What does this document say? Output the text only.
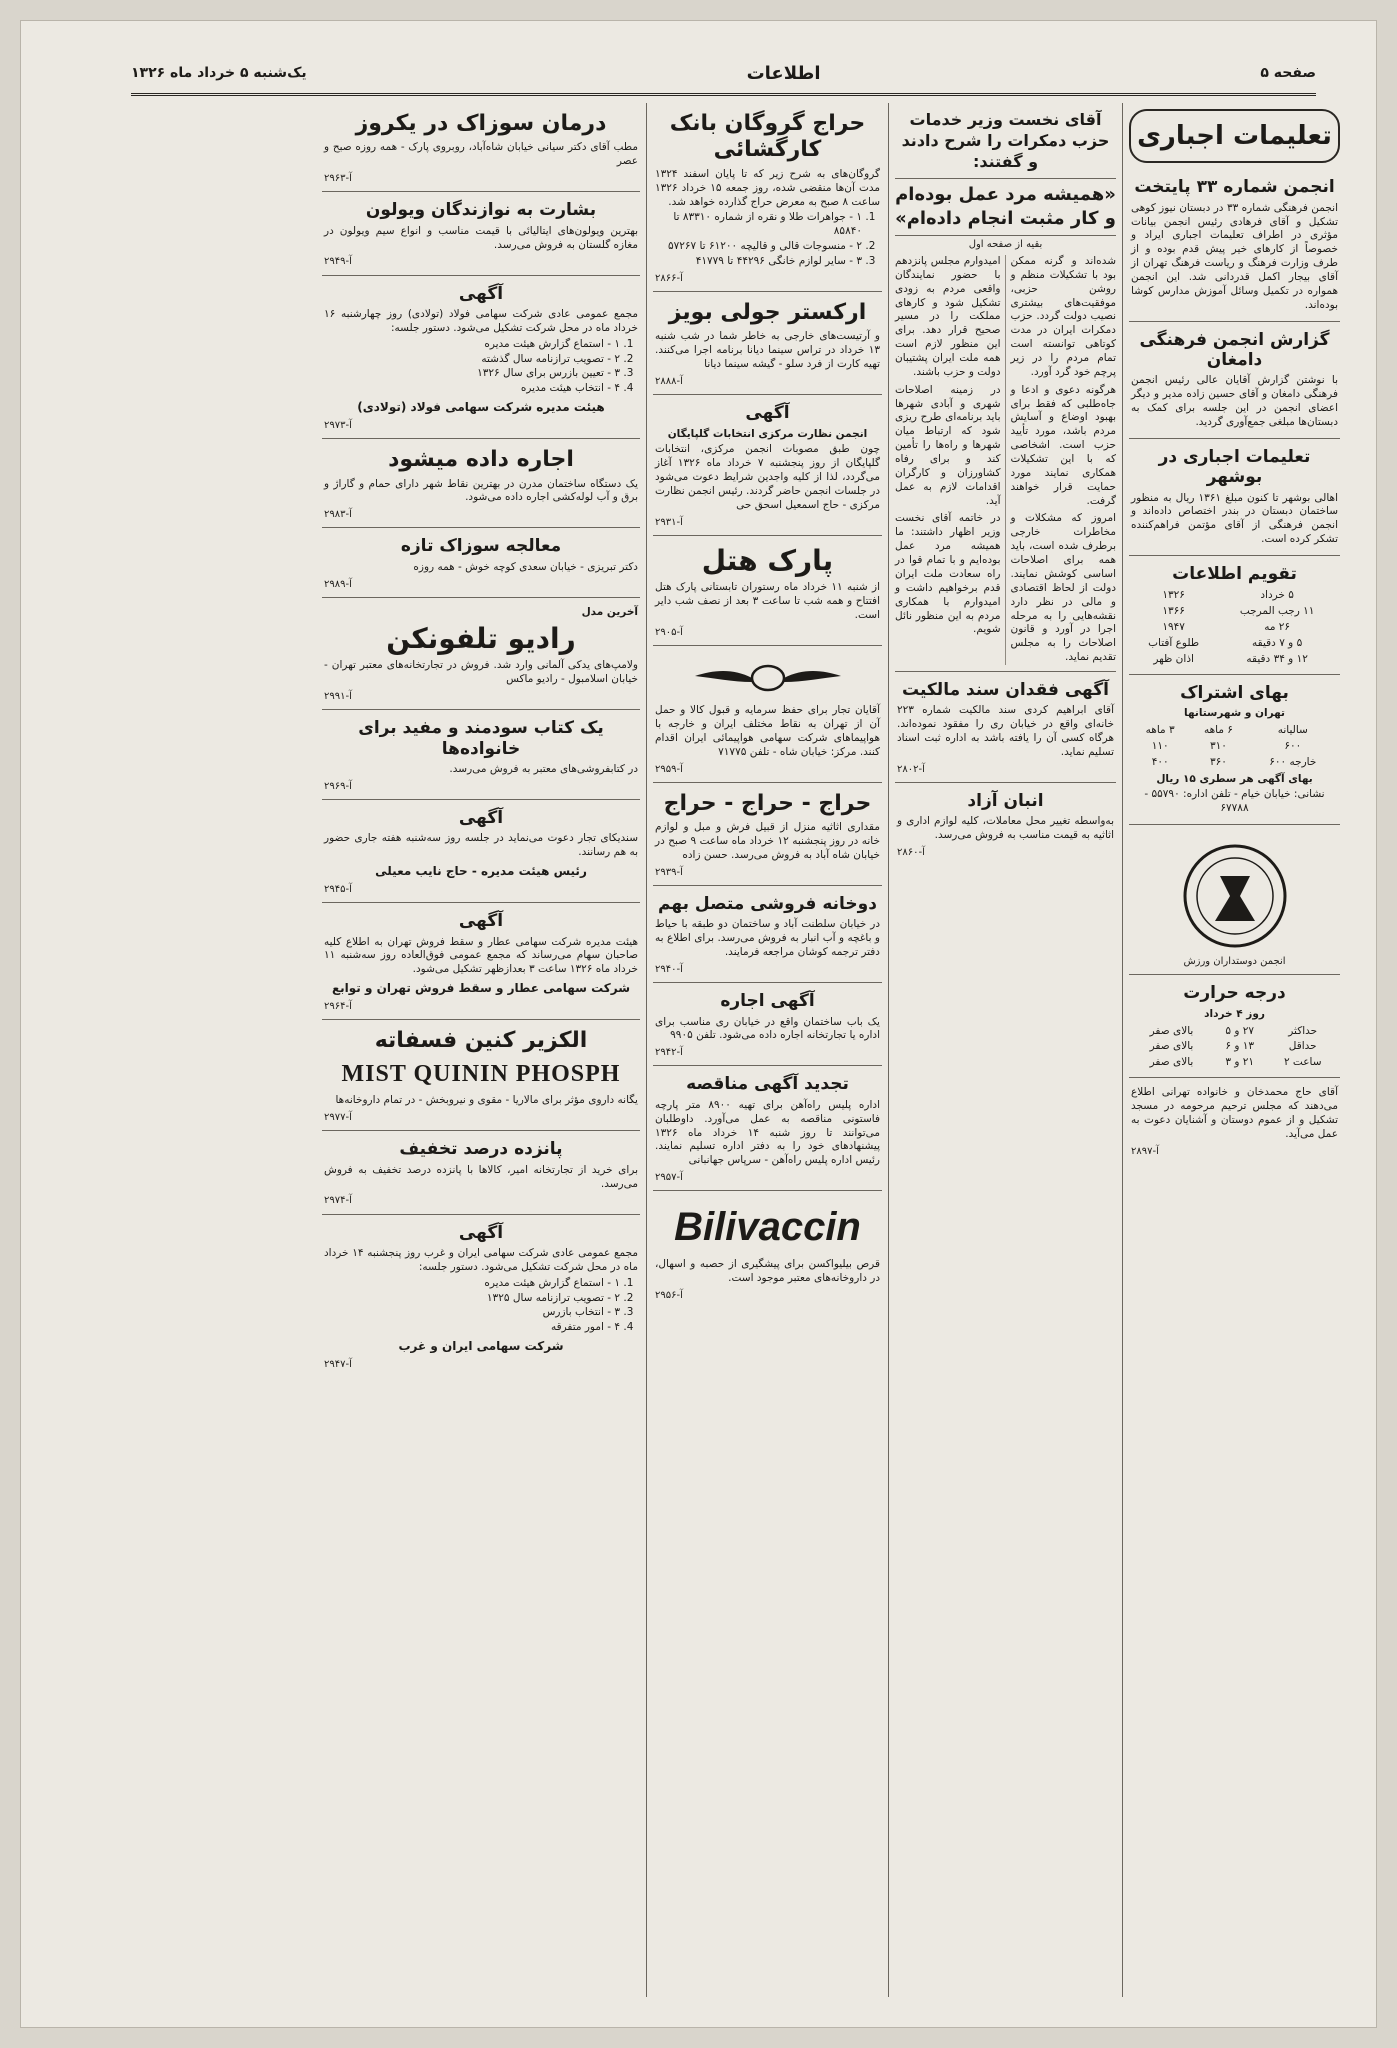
صفحه ۵
اطلاعات
یک‌شنبه ۵ خرداد ماه ۱۳۲۶
تعلیمات اجباری
انجمن شماره ۳۳ پایتخت

انجمن فرهنگی شماره ۳۳ در دبستان نیوز کوهی تشکیل و آقای فرهادی رئیس انجمن بیانات مؤثری در اطراف تعلیمات اجباری ایراد و خصوصاً از کارهای خیر پیش قدم بوده و از طرف وزارت فرهنگ و ریاست فرهنگ تهران از آقای بیجار اکمل قدردانی شد. این انجمن همواره در تکمیل وسائل آموزش مدارس کوشا بوده‌اند.

گزارش انجمن فرهنگی دامغان

با نوشتن گزارش آقایان عالی رئیس انجمن فرهنگی دامغان و آقای حسین زاده مدیر و دیگر اعضای انجمن در این جلسه برای کمک به دبستان‌ها مبلغی جمع‌آوری گردید.

تعلیمات اجباری در بوشهر

اهالی بوشهر تا کنون مبلغ ۱۳۶۱ ریال به منظور ساختمان دبستان در بندر اختصاص داده‌اند و انجمن فرهنگی از آقای مؤتمن فراهم‌کننده تشکر کرده است.

تقویم اطلاعات
۵ خرداد	۱۳۲۶
۱۱ رجب المرجب	۱۳۶۶
۲۶ مه	۱۹۴۷
۵ و ۷ دقیقه	طلوع آفتاب
۱۲ و ۳۴ دقیقه	اذان ظهر
بهای اشتراک

تهران و شهرستانها

سالیانه	۶ ماهه	۳ ماهه
۶۰۰	۳۱۰	۱۱۰
خارجه ۶۰۰	۳۶۰	۴۰۰

بهای آگهی هر سطری ۱۵ ریال

نشانی: خیابان خیام - تلفن اداره: ۵۵۷۹۰ - ۶۷۷۸۸

انجمن دوستداران ورزش
درجه حرارت

روز ۴ خرداد

حداکثر	۲۷ و ۵	بالای صفر
حداقل	۱۳ و ۶	بالای صفر
ساعت ۲	۲۱ و ۳	بالای صفر

آقای حاج محمدخان و خانواده تهرانی اطلاع می‌دهند که مجلس ترحیم مرحومه در مسجد تشکیل و از عموم دوستان و آشنایان دعوت به عمل می‌آید.

آ-۲۸۹۷
آقای نخست وزیر خدمات حزب دمکرات را شرح دادند و گفتند:
«همیشه مرد عمل بوده‌ام و کار مثبت انجام داده‌ام»
بقیه از صفحه اول

شده‌اند و گرنه ممکن بود با تشکیلات منظم و روشن حزبی، موفقیت‌های بیشتری نصیب دولت گردد. حزب دمکرات ایران در مدت کوتاهی توانسته است تمام مردم را در زیر پرچم خود گرد آورد.

هرگونه دعوی و ادعا و جاه‌طلبی که فقط برای بهبود اوضاع و آسایش مردم باشد، مورد تأیید حزب است. اشخاصی که با این تشکیلات همکاری نمایند مورد حمایت قرار خواهند گرفت.

امروز که مشکلات و مخاطرات خارجی برطرف شده است، باید همه برای اصلاحات اساسی کوشش نمایند. دولت از لحاظ اقتصادی و مالی در نظر دارد نقشه‌هایی را به مرحله اجرا در آورد و قانون اصلاحات را به مجلس تقدیم نماید.

امیدوارم مجلس پانزدهم با حضور نمایندگان واقعی مردم به زودی تشکیل شود و کارهای مملکت را در مسیر صحیح قرار دهد. برای این منظور لازم است همه ملت ایران پشتیبان دولت و حزب باشند.

در زمینه اصلاحات شهری و آبادی شهرها باید برنامه‌ای طرح ریزی شود که ارتباط میان شهرها و راه‌ها را تأمین کند و برای رفاه کشاورزان و کارگران اقدامات لازم به عمل آید.

در خاتمه آقای نخست وزیر اظهار داشتند: ما همیشه مرد عمل بوده‌ایم و با تمام قوا در راه سعادت ملت ایران قدم برخواهیم داشت و امیدوارم با همکاری مردم به این منظور نائل شویم.

آگهی فقدان سند مالکیت

آقای ابراهیم کردی سند مالکیت شماره ۲۲۳ خانه‌ای واقع در خیابان ری را مفقود نموده‌اند. هرگاه کسی آن را یافته باشد به اداره ثبت اسناد تسلیم نماید.

آ-۲۸۰۲
انبان آزاد

به‌واسطه تغییر محل معاملات، کلیه لوازم اداری و اثاثیه به قیمت مناسب به فروش می‌رسد.

آ-۲۸۶۰
حراج گروگان بانک کارگشائی

گروگان‌های به شرح زیر که تا پایان اسفند ۱۳۲۴ مدت آن‌ها منقضی شده، روز جمعه ۱۵ خرداد ۱۳۲۶ ساعت ۸ صبح به معرض حراج گذارده خواهد شد.

1. ۱ - جواهرات طلا و نقره از شماره ۸۳۳۱۰ تا ۸۵۸۴۰
2. ۲ - منسوجات قالی و قالیچه ۶۱۲۰۰ تا ۵۷۲۶۷
3. ۳ - سایر لوازم خانگی ۴۴۲۹۶ تا ۴۱۷۷۹
آ-۲۸۶۶
ارکستر جولی بویز

و آرتیست‌های خارجی به خاطر شما در شب شنبه ۱۳ خرداد در تراس سینما دیانا برنامه اجرا می‌کنند. تهیه کارت از فرد سلو - گیشه سینما دیانا

آ-۲۸۸۸
آگهی

انجمن نظارت مرکزی انتخابات گلپایگان

چون طبق مصوبات انجمن مرکزی، انتخابات گلپایگان از روز پنجشنبه ۷ خرداد ماه ۱۳۲۶ آغاز می‌گردد، لذا از کلیه واجدین شرایط دعوت می‌شود در جلسات انجمن حاضر گردند. رئیس انجمن نظارت مرکزی - حاج اسمعیل اسحق حی

آ-۲۹۳۱
پارک هتل

از شنبه ۱۱ خرداد ماه رستوران تابستانی پارک هتل افتتاح و همه شب تا ساعت ۳ بعد از نصف شب دایر است.

آ-۲۹۰۵

آقایان تجار برای حفظ سرمایه و قبول کالا و حمل آن از تهران به نقاط مختلف ایران و خارجه با هواپیماهای شرکت سهامی هواپیمائی ایران اقدام کنند. مرکز: خیابان شاه - تلفن ۷۱۷۷۵

آ-۲۹۵۹
حراج - حراج - حراج

مقداری اثاثیه منزل از قبیل فرش و مبل و لوازم خانه در روز پنجشنبه ۱۲ خرداد ماه ساعت ۹ صبح در خیابان شاه آباد به فروش می‌رسد. حسن زاده

آ-۲۹۳۹
دوخانه فروشی متصل بهم

در خیابان سلطنت آباد و ساختمان دو طبقه با حیاط و باغچه و آب انبار به فروش می‌رسد. برای اطلاع به دفتر ترجمه کوشان مراجعه فرمایند.

آ-۲۹۴۰
آگهی اجاره

یک باب ساختمان واقع در خیابان ری مناسب برای اداره یا تجارتخانه اجاره داده می‌شود. تلفن ۹۹۰۵

آ-۲۹۴۲
تجدید آگهی مناقصه

اداره پلیس راه‌آهن برای تهیه ۸۹۰۰ متر پارچه فاستونی مناقصه به عمل می‌آورد. داوطلبان می‌توانند تا روز شنبه ۱۴ خرداد ماه ۱۳۲۶ پیشنهادهای خود را به دفتر اداره تسلیم نمایند. رئیس اداره پلیس راه‌آهن - سرپاس جهانبانی

آ-۲۹۵۷
Bilivaccin

قرص بیلیواکسن برای پیشگیری از حصبه و اسهال، در داروخانه‌های معتبر موجود است.

آ-۲۹۵۶
درمان سوزاک در یکروز

مطب آقای دکتر سیانی خیابان شاه‌آباد، روبروی پارک - همه روزه صبح و عصر

آ-۲۹۶۳
بشارت به نوازندگان ویولون

بهترین ویولون‌های ایتالیائی با قیمت مناسب و انواع سیم ویولون در مغازه گلستان به فروش می‌رسد.

آ-۲۹۴۹
آگهی

مجمع عمومی عادی شرکت سهامی فولاد (تولادی) روز چهارشنبه ۱۶ خرداد ماه در محل شرکت تشکیل می‌شود. دستور جلسه:

1. ۱ - استماع گزارش هیئت مدیره
2. ۲ - تصویب ترازنامه سال گذشته
3. ۳ - تعیین بازرس برای سال ۱۳۲۶
4. ۴ - انتخاب هیئت مدیره
هیئت مدیره شرکت سهامی فولاد (تولادی)
آ-۲۹۷۳
اجاره داده میشود

یک دستگاه ساختمان مدرن در بهترین نقاط شهر دارای حمام و گاراژ و برق و آب لوله‌کشی اجاره داده می‌شود.

آ-۲۹۸۳
معالجه سوزاک تازه

دکتر تبریزی - خیابان سعدی کوچه خوش - همه روزه

آ-۲۹۸۹

آخرین مدل

رادیو تلفونکن

ولامپ‌های یدکی آلمانی وارد شد. فروش در تجارتخانه‌های معتبر تهران - خیابان اسلامبول - رادیو ماکس

آ-۲۹۹۱
یک کتاب سودمند و مفید برای خانواده‌ها

در کتابفروشی‌های معتبر به فروش می‌رسد.

آ-۲۹۶۹
آگهی

سندیکای تجار دعوت می‌نماید در جلسه روز سه‌شنبه هفته جاری حضور به هم رسانند.

رئیس هیئت مدیره - حاج نایب معیلی
آ-۲۹۴۵
آگهی

هیئت مدیره شرکت سهامی عطار و سقط فروش تهران به اطلاع کلیه صاحبان سهام می‌رساند که مجمع عمومی فوق‌العاده روز سه‌شنبه ۱۱ خرداد ماه ۱۳۲۶ ساعت ۳ بعدازظهر تشکیل می‌شود.

شرکت سهامی عطار و سقط فروش تهران و توابع
آ-۲۹۶۴
الکزیر کنین فسفاته
MIST QUININ PHOSPH

یگانه داروی مؤثر برای مالاریا - مقوی و نیروبخش - در تمام داروخانه‌ها

آ-۲۹۷۷
پانزده درصد تخفیف

برای خرید از تجارتخانه امیر، کالاها با پانزده درصد تخفیف به فروش می‌رسد.

آ-۲۹۷۴
آگهی

مجمع عمومی عادی شرکت سهامی ایران و غرب روز پنجشنبه ۱۴ خرداد ماه در محل شرکت تشکیل می‌شود. دستور جلسه:

1. ۱ - استماع گزارش هیئت مدیره
2. ۲ - تصویب ترازنامه سال ۱۳۲۵
3. ۳ - انتخاب بازرس
4. ۴ - امور متفرقه
شرکت سهامی ایران و غرب
آ-۲۹۴۷
